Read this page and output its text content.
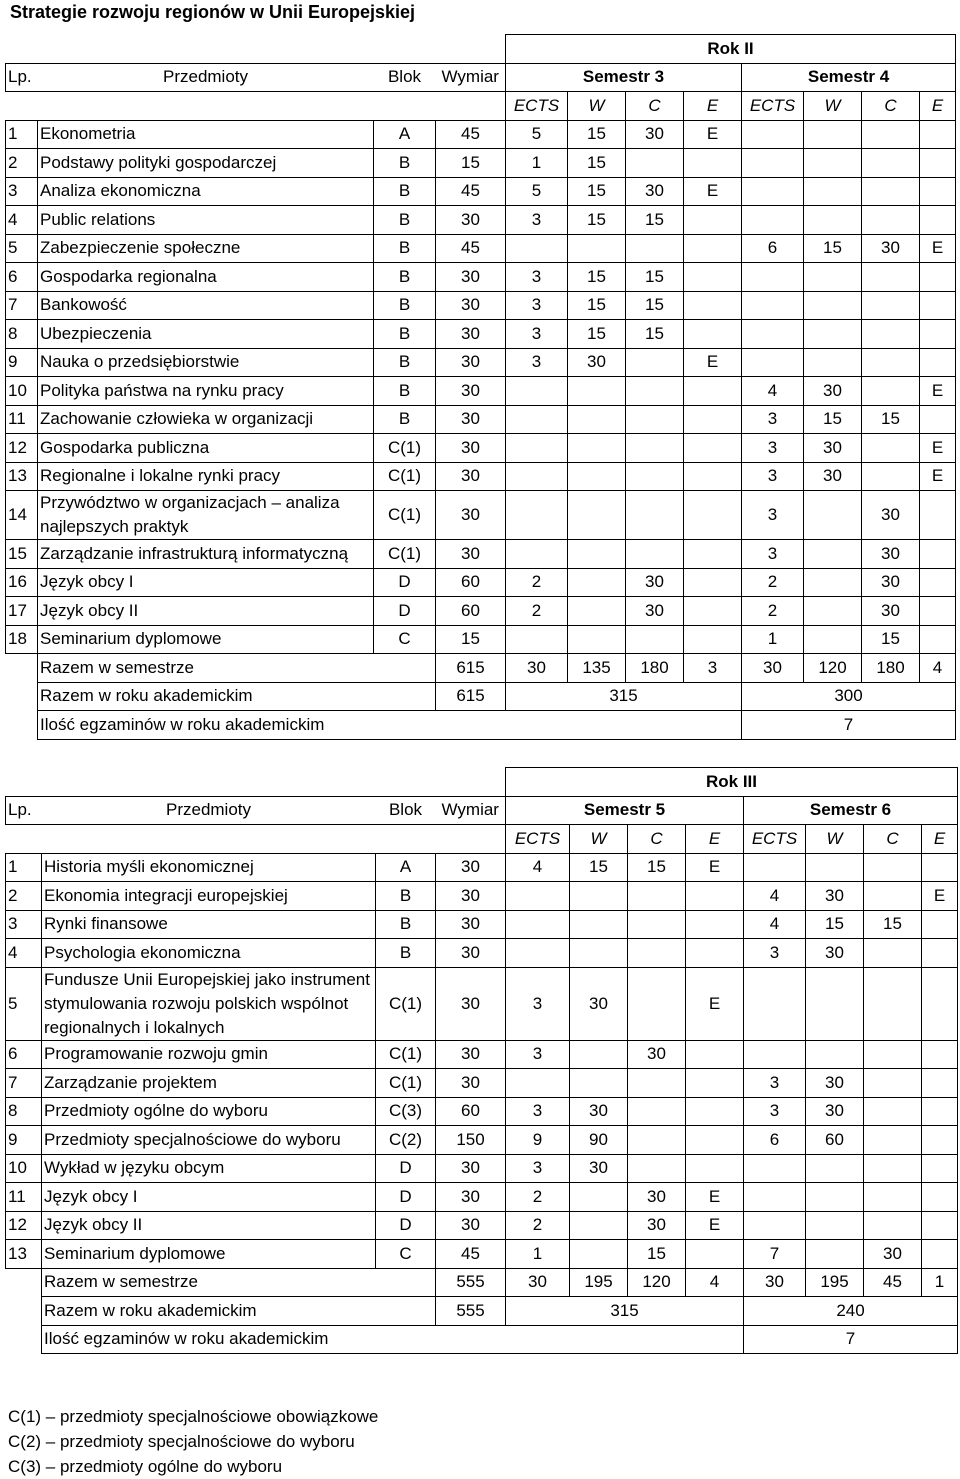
Strategie rozwoju regionów w Unii Europejskiej
				Rok II							
Lp.	Przedmioty	Blok	Wymiar	Semestr 3				Semestr 4			
				ECTS	W	C	E	ECTS	W	C	E
1	Ekonometria	A	45	5	15	30	E				
2	Podstawy polityki gospodarczej	B	15	1	15						
3	Analiza ekonomiczna	B	45	5	15	30	E				
4	Public relations	B	30	3	15	15					
5	Zabezpieczenie społeczne	B	45					6	15	30	E
6	Gospodarka regionalna	B	30	3	15	15					
7	Bankowość	B	30	3	15	15					
8	Ubezpieczenia	B	30	3	15	15					
9	Nauka o przedsiębiorstwie	B	30	3	30		E				
10	Polityka państwa na rynku pracy	B	30					4	30		E
11	Zachowanie człowieka w organizacji	B	30					3	15	15	
12	Gospodarka publiczna	C(1)	30					3	30		E
13	Regionalne i lokalne rynki pracy	C(1)	30					3	30		E
14	Przywództwo w organizacjach – analiza najlepszych praktyk	C(1)	30					3		30	
15	Zarządzanie infrastrukturą informatyczną	C(1)	30					3		30	
16	Język obcy I	D	60	2		30		2		30	
17	Język obcy II	D	60	2		30		2		30	
18	Seminarium dyplomowe	C	15					1		15	
	Razem w semestrze		615	30	135	180	3	30	120	180	4
	Razem w roku akademickim		615	315				300			
	Ilość egzaminów w roku akademickim							7			
				Rok III							
Lp.	Przedmioty	Blok	Wymiar	Semestr 5				Semestr 6			
				ECTS	W	C	E	ECTS	W	C	E
1	Historia myśli ekonomicznej	A	30	4	15	15	E				
2	Ekonomia integracji europejskiej	B	30					4	30		E
3	Rynki finansowe	B	30					4	15	15	
4	Psychologia ekonomiczna	B	30					3	30		
5	Fundusze Unii Europejskiej jako instrument stymulowania rozwoju polskich wspólnot regionalnych i lokalnych	C(1)	30	3	30		E				
6	Programowanie rozwoju gmin	C(1)	30	3		30					
7	Zarządzanie projektem	C(1)	30					3	30		
8	Przedmioty ogólne do wyboru	C(3)	60	3	30			3	30		
9	Przedmioty specjalnościowe do wyboru	C(2)	150	9	90			6	60		
10	Wykład w języku obcym	D	30	3	30						
11	Język obcy I	D	30	2		30	E				
12	Język obcy II	D	30	2		30	E				
13	Seminarium dyplomowe	C	45	1		15		7		30	
	Razem w semestrze		555	30	195	120	4	30	195	45	1
	Razem w roku akademickim		555	315				240			
	Ilość egzaminów w roku akademickim							7			
C(1) – przedmioty specjalnościowe obowiązkowe
C(2) – przedmioty specjalnościowe do wyboru
C(3) – przedmioty ogólne do wyboru
